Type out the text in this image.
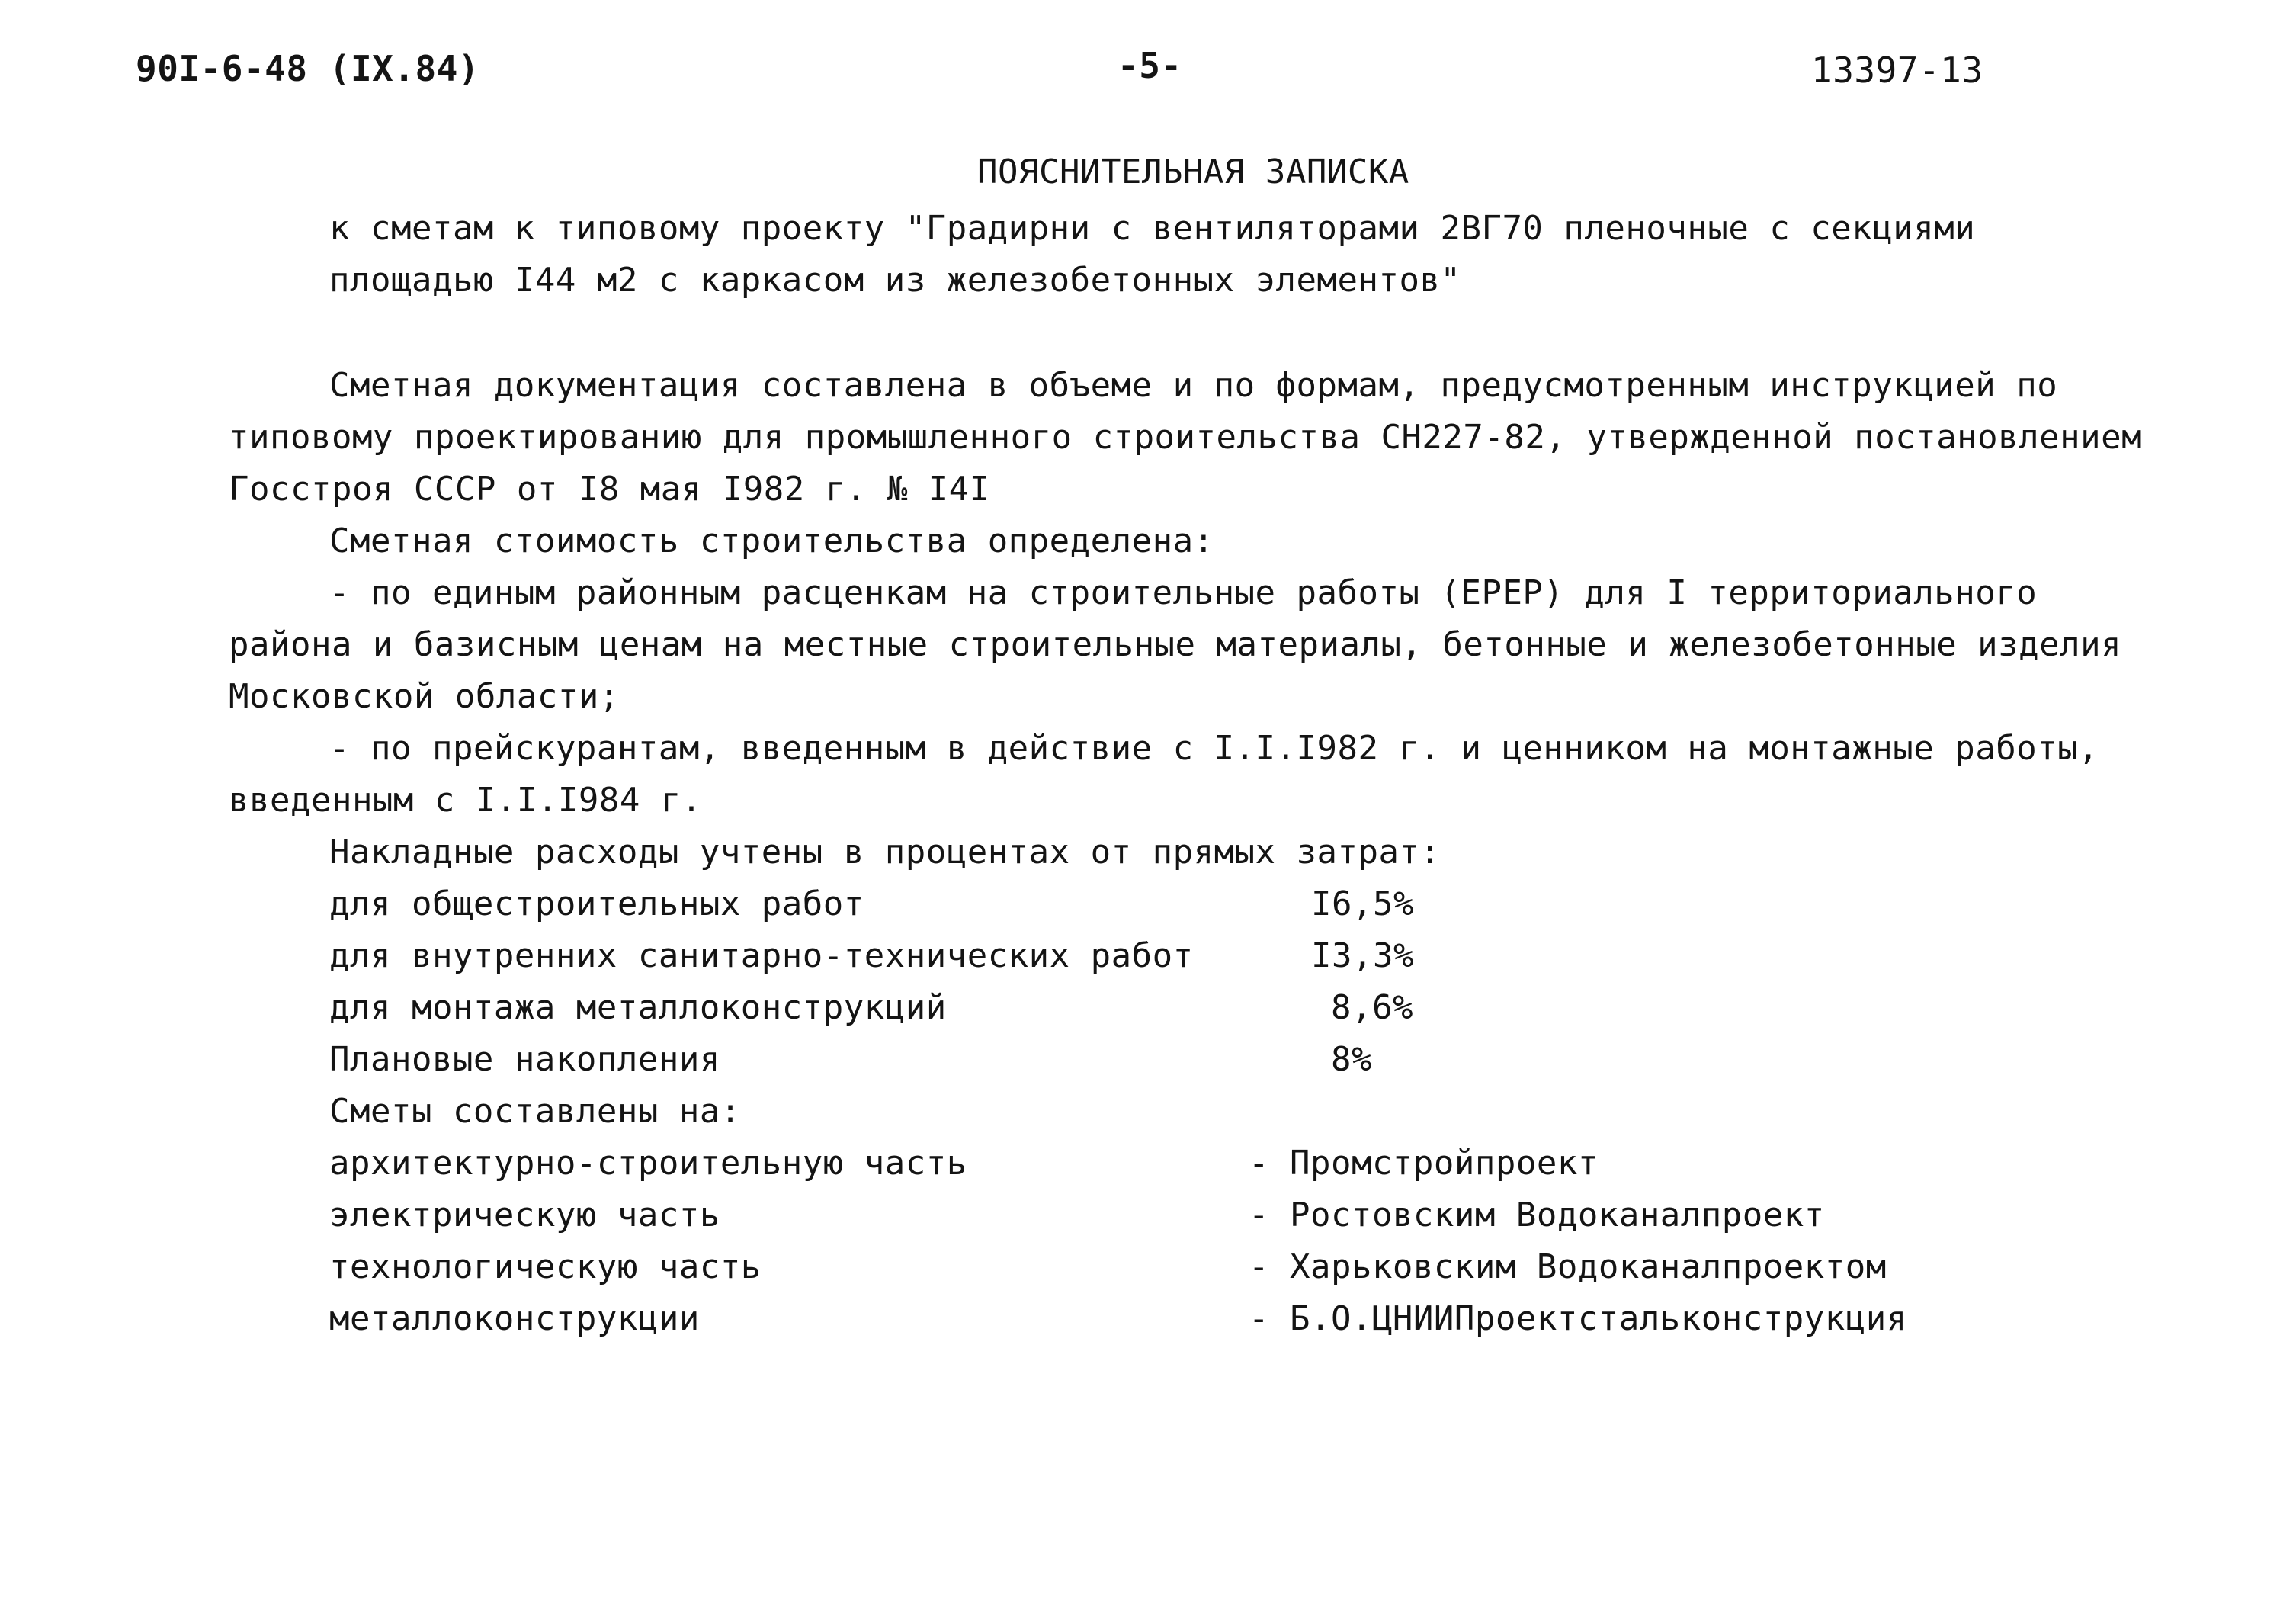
90I-6-48 (IX.84)	-5-	13397-13
ПОЯСНИТЕЛЬНАЯ ЗАПИСКА
к сметам к типовому проекту "Градирни с вентиляторами 2ВГ70 пленочные с секциями
площадью I44 м2 с каркасом из железобетонных элементов"
Сметная документация составлена в объеме и по формам, предусмотренным инструкцией по
типовому проектированию для промышленного строительства СН227-82, утвержденной постановлением
Госстроя СССР от I8 мая I982 г. № I4I
Сметная стоимость строительства определена:
- по единым районным расценкам на строительные работы (ЕРЕР) для I территориального
района и базисным ценам на местные строительные материалы, бетонные и железобетонные изделия
Московской области;
- по прейскурантам, введенным в действие с I.I.I982 г. и ценником на монтажные работы,
введенным с I.I.I984 г.
Накладные расходы учтены в процентах от прямых затрат:
для общестроительных работ	I6,5%
для внутренних санитарно-технических работ	I3,3%
для монтажа металлоконструкций	8,6%
Плановые накопления	8%
Сметы составлены на:
архитектурно-строительную часть	- Промстройпроект
электрическую часть	- Ростовским Водоканалпроект
технологическую часть	- Харьковским Водоканалпроектом
металлоконструкции	- Б.О.ЦНИИПроектстальконструкция
